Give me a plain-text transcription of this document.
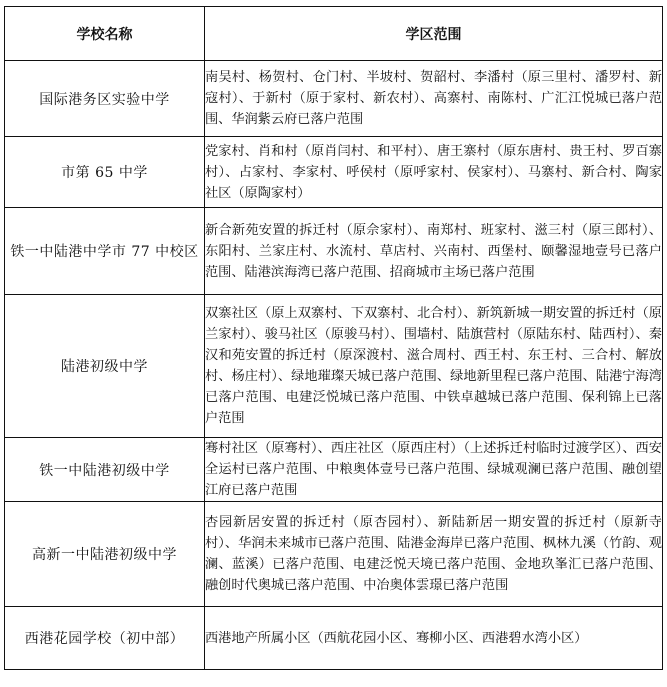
学校名称	学区范围
国际港务区实验中学	南吴村、杨贺村、仓门村、半坡村、贺韶村、李潘村（原三里村、潘罗村、新寇村）、于新村（原于家村、新农村）、高寨村、南陈村、广汇江悦城已落户范围、华润紫云府已落户范围
市第 65 中学	党家村、肖和村（原肖闫村、和平村）、唐王寨村（原东唐村、贵王村、罗百寨村）、占家村、李家村、呼侯村（原呼家村、侯家村）、马寨村、新合村、陶家社区（原陶家村）
铁一中陆港中学市 77 中校区	新合新苑安置的拆迁村（原佘家村）、南郑村、班家村、滋三村（原三郎村）、东阳村、兰家庄村、水流村、草店村、兴南村、西堡村、颐馨湿地壹号已落户范围、陆港滨海湾已落户范围、招商城市主场已落户范围
陆港初级中学	双寨社区（原上双寨村、下双寨村、北合村）、新筑新城一期安置的拆迁村（原兰家村）、骏马社区（原骏马村）、围墙村、陆旗营村（原陆东村、陆西村）、秦汉和苑安置的拆迁村（原深渡村、滋合周村、西王村、东王村、三合村、解放村、杨庄村）、绿地璀璨天城已落户范围、绿地新里程已落户范围、陆港宁海湾已落户范围、电建泛悦城已落户范围、中铁卓越城已落户范围、保利锦上已落户范围
铁一中陆港初级中学	骞村社区（原骞村）、西庄社区（原西庄村）（上述拆迁村临时过渡学区）、西安全运村已落户范围、中粮奥体壹号已落户范围、绿城观澜已落户范围、融创望江府已落户范围
高新一中陆港初级中学	杏园新居安置的拆迁村（原杏园村）、新陆新居一期安置的拆迁村（原新寺村）、华润未来城市已落户范围、陆港金海岸已落户范围、枫林九溪（竹韵、观澜、蓝溪）已落户范围、电建泛悦天境已落户范围、金地玖峯汇已落户范围、融创时代奥城已落户范围、中冶奥体雲璟已落户范围
西港花园学校（初中部）	西港地产所属小区（西航花园小区、骞柳小区、西港碧水湾小区）
